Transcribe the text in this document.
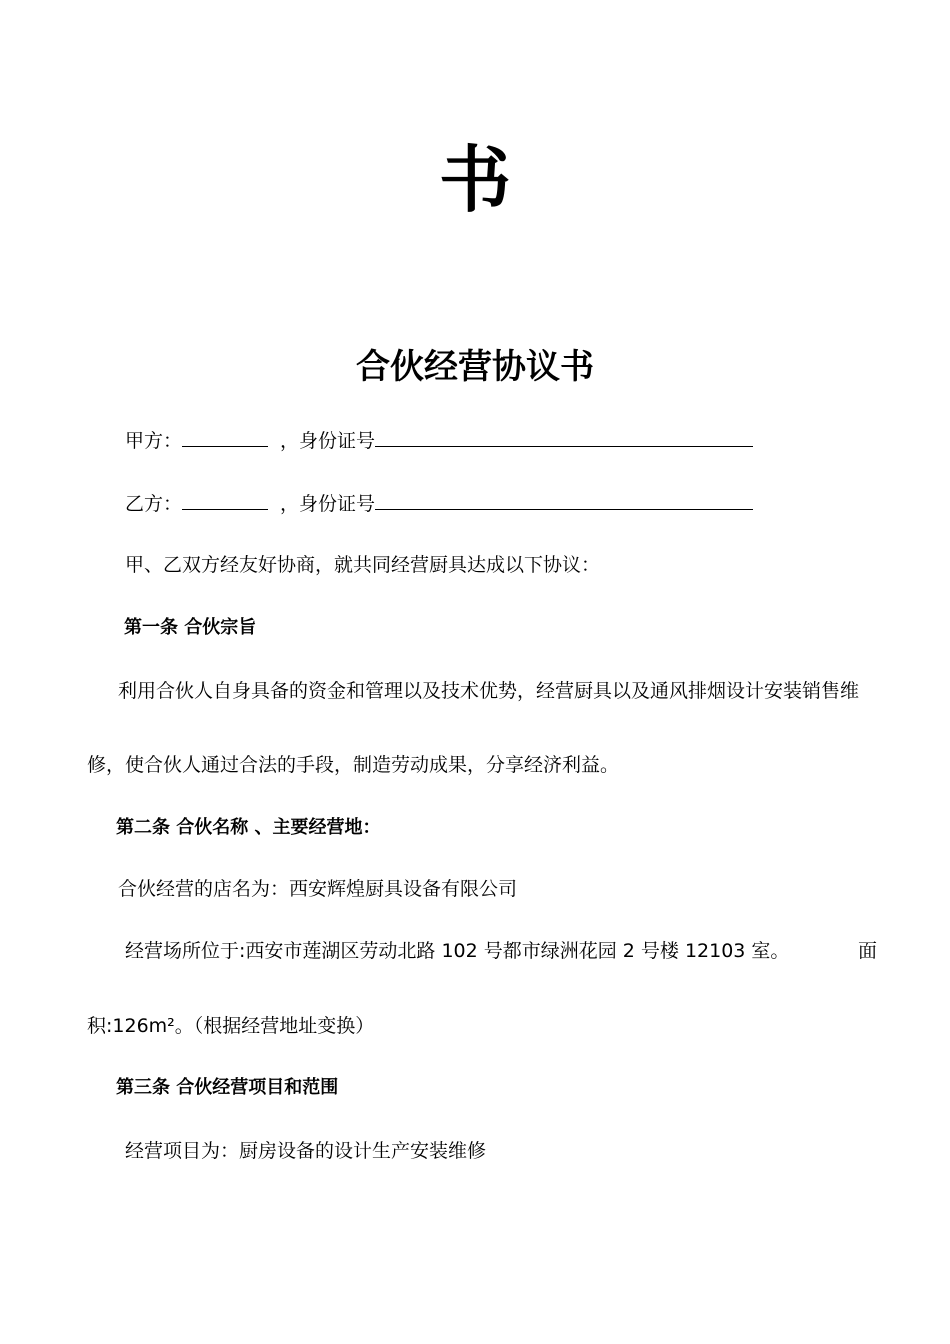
书
合伙经营协议书
甲方：	，身份证号
乙方：	，身份证号
甲、乙双方经友好协商，就共同经营厨具达成以下协议：
第一条 合伙宗旨
利用合伙人自身具备的资金和管理以及技术优势，经营厨具以及通风排烟设计安装销售维
修，使合伙人通过合法的手段，制造劳动成果，分享经济利益。
第二条 合伙名称 、主要经营地：
合伙经营的店名为：西安辉煌厨具设备有限公司
经营场所位于:西安市莲湖区劳动北路 102 号都市绿洲花园 2 号楼 12103 室。	面
积:126m²。（根据经营地址变换）
第三条 合伙经营项目和范围
经营项目为：厨房设备的设计生产安装维修
